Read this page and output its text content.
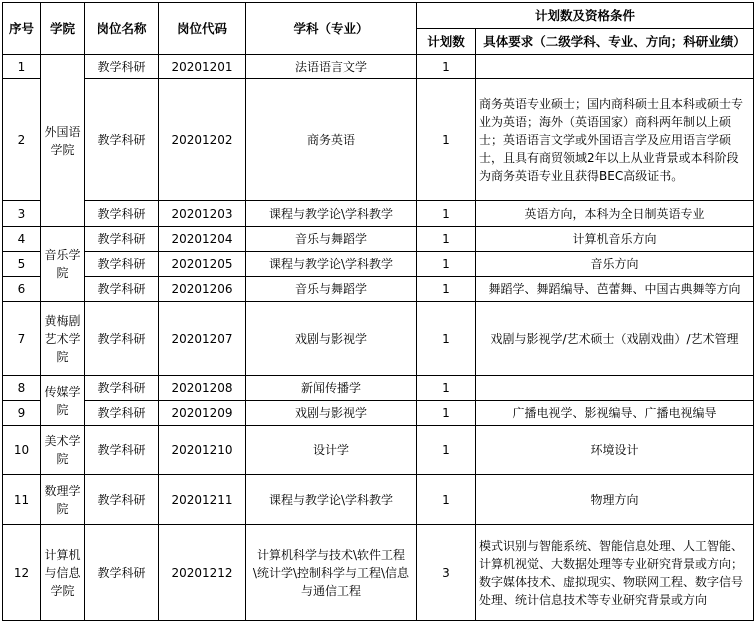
序号	学院	岗位名称	岗位代码	学科（专业）	计划数及资格条件	
					计划数	具体要求（二级学科、专业、方向；科研业绩）
1	外国语学院	教学科研	20201201	法语语言文学	1	
2		教学科研	20201202	商务英语	1	商务英语专业硕士；国内商科硕士且本科或硕士专业为英语；海外（英语国家）商科两年制以上硕士；英语语言文学或外国语言学及应用语言学硕士，且具有商贸领域2年以上从业背景或本科阶段为商务英语专业且获得BEC高级证书。
3		教学科研	20201203	课程与教学论\学科教学	1	英语方向，本科为全日制英语专业
4	音乐学院	教学科研	20201204	音乐与舞蹈学	1	计算机音乐方向
5		教学科研	20201205	课程与教学论\学科教学	1	音乐方向
6		教学科研	20201206	音乐与舞蹈学	1	舞蹈学、舞蹈编导、芭蕾舞、中国古典舞等方向
7	黄梅剧艺术学院	教学科研	20201207	戏剧与影视学	1	戏剧与影视学/艺术硕士（戏剧戏曲）/艺术管理
8	传媒学院	教学科研	20201208	新闻传播学	1	
9		教学科研	20201209	戏剧与影视学	1	广播电视学、影视编导、广播电视编导
10	美术学院	教学科研	20201210	设计学	1	环境设计
11	数理学院	教学科研	20201211	课程与教学论\学科教学	1	物理方向
12	计算机与信息学院	教学科研	20201212	计算机科学与技术\软件工程\统计学\控制科学与工程\信息与通信工程	3	模式识别与智能系统、智能信息处理、人工智能、计算机视觉、大数据处理等专业研究背景或方向；数字媒体技术、虚拟现实、物联网工程、数字信号处理、统计信息技术等专业研究背景或方向
